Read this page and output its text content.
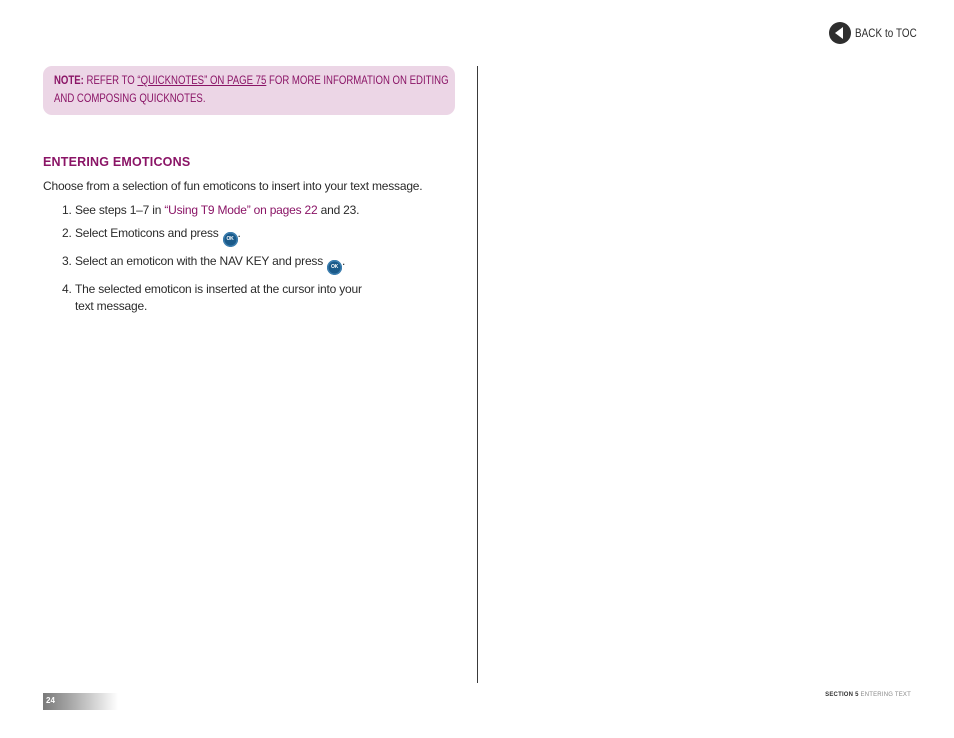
BACK to TOC
NOTE: REFER TO “QUICKNOTES” ON PAGE 75 FOR MORE INFORMATION ON EDITING
AND COMPOSING QUICKNOTES.
ENTERING EMOTICONS
Choose from a selection of fun emoticons to insert into your text message.
1. See steps 1–7 in “Using T9 Mode” on pages 22 and 23.
2. Select Emoticons and press OK .
3. Select an emoticon with the NAV KEY and press OK .
4. The selected emoticon is inserted at the cursor into your
text message.
24
SECTION 5 ENTERING TEXT
